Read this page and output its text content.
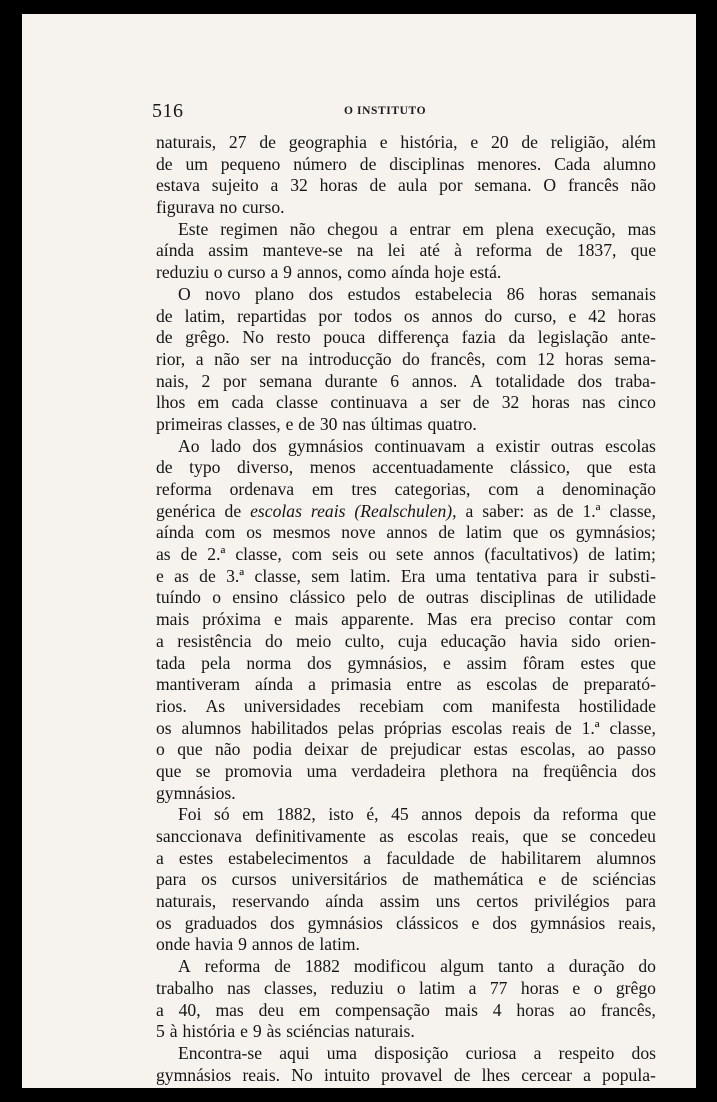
516	O INSTITUTO
naturais, 27 de geographia e história, e 20 de religião, além
de um pequeno número de disciplinas menores. Cada alumno
estava sujeito a 32 horas de aula por semana. O francês não
figurava no curso.
Este regimen não chegou a entrar em plena execução, mas
aínda assim manteve-se na lei até à reforma de 1837, que
reduziu o curso a 9 annos, como aínda hoje está.
O novo plano dos estudos estabelecia 86 horas semanais
de latim, repartidas por todos os annos do curso, e 42 horas
de grêgo. No resto pouca differença fazia da legislação ante-
rior, a não ser na introducção do francês, com 12 horas sema-
nais, 2 por semana durante 6 annos. A totalidade dos traba-
lhos em cada classe continuava a ser de 32 horas nas cinco
primeiras classes, e de 30 nas últimas quatro.
Ao lado dos gymnásios continuavam a existir outras escolas
de typo diverso, menos accentuadamente clássico, que esta
reforma ordenava em tres categorias, com a denominação
genérica de escolas reais (Realschulen), a saber: as de 1.ª classe,
aínda com os mesmos nove annos de latim que os gymnásios;
as de 2.ª classe, com seis ou sete annos (facultativos) de latim;
e as de 3.ª classe, sem latim. Era uma tentativa para ir substi-
tuíndo o ensino clássico pelo de outras disciplinas de utilidade
mais próxima e mais apparente. Mas era preciso contar com
a resistência do meio culto, cuja educação havia sido orien-
tada pela norma dos gymnásios, e assim fôram estes que
mantiveram aínda a primasia entre as escolas de preparató-
rios. As universidades recebiam com manifesta hostilidade
os alumnos habilitados pelas próprias escolas reais de 1.ª classe,
o que não podia deixar de prejudicar estas escolas, ao passo
que se promovia uma verdadeira plethora na freqüência dos
gymnásios.
Foi só em 1882, isto é, 45 annos depois da reforma que
sanccionava definitivamente as escolas reais, que se concedeu
a estes estabelecimentos a faculdade de habilitarem alumnos
para os cursos universitários de mathemática e de sciéncias
naturais, reservando aínda assim uns certos privilégios para
os graduados dos gymnásios clássicos e dos gymnásios reais,
onde havia 9 annos de latim.
A reforma de 1882 modificou algum tanto a duração do
trabalho nas classes, reduziu o latim a 77 horas e o grêgo
a 40, mas deu em compensação mais 4 horas ao francês,
5 à história e 9 às sciéncias naturais.
Encontra-se aqui uma disposição curiosa a respeito dos
gymnásios reais. No intuito provavel de lhes cercear a popula-
